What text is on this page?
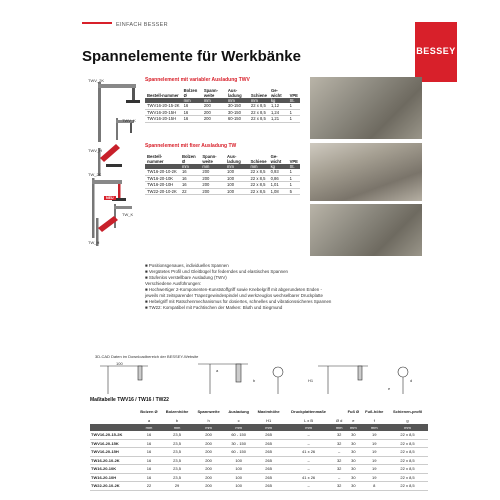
EINFACH BESSER
BESSEY
Spannelemente für Werkbänke
TWV_2K
TWV_K
TWV_H
TW_2K
TW_K
TW_H
NEU
Spannelement mit variabler Ausladung TWV
Bestell-nummer	Bolzen Ø	Spann-weite	Aus-ladung	Schiene	Ge-wicht	VPE
	mm	mm	mm	mm	kg	St.
TWV16-20-15-2K	16	200	30-150	22 x 8,5	1,12	1
TWV16-20-15H	16	200	30-150	22 x 8,5	1,24	1
TWV16-20-15H	16	200	60-150	22 x 8,5	1,21	1
Spannelement mit fixer Ausladung TW
Bestell-nummer	Bolzen Ø	Spann-weite	Aus-ladung	Schiene	Ge-wicht	VPE
	mm	mm	mm	mm	kg	St.
TW16-20-10-2K	16	200	100	22 x 8,5	0,93	1
TW16-20-10K	16	200	100	22 x 8,5	0,86	1
TW16-20-10H	16	200	100	22 x 8,5	1,01	1
TW22-20-10-2K	22	200	100	22 x 8,5	1,08	5
■ Positionsgenaues, individuelles Spannen
■ Vergütetes Profil und Gleitbügel für federndes und elastisches Spannen
■ Stufenlos verstellbare Ausladung (TWV)
Verschiedene Ausführungen:
■ Hochwertiger 2-Komponenten-Kunststoffgriff sowie Knebelgriff mit abgerundeten Enden -
jeweils mit zeitsparender Trapezgewindespindel und werkzeuglos wechselbarer Druckplatte
■ Hebelgriff mit Ratschenmechanismus für dosiertes, schnelles und vibrationssicheres Spannen
■ TW22: Kompatibel mit Fachtischen der Marken: Bluth und Siegmund
3D-CAD Daten im Downloadbereich der BESSEY-Website
100
a
b	H1
e
d
Maßtabelle TWV16 / TW16 / TW22
	Bolzen Ø	Bolzenhöhe	Spannweite	Ausladung	Maximhöhe	Druckplattenmaße		Fuß Ø	Fuß-höhe	Schienen-profil
	a	b	h	c	H1	L x B	Ø d	e	f	g
	mm	mm	mm	mm	mm	mm	mm	mm	mm	mm
TWV16-20-15-2K	16	23,5	200	60 - 150	265	–	32	30	19	22 x 8,5
TWV16-20-15K	16	23,5	200	30 - 150	265	–	32	30	19	22 x 8,5
TWV16-20-15H	16	23,5	200	60 - 150	265	41 x 26	–	30	19	22 x 8,5
TW16-20-10-2K	16	23,5	200	100	265	–	32	30	19	22 x 8,5
TW16-20-10K	16	23,5	200	100	265	–	32	30	19	22 x 8,5
TW16-20-10H	16	23,5	200	100	265	41 x 26	–	30	19	22 x 8,5
TW22-20-10-2K	22	29	200	100	265	–	32	30	8	22 x 8,5
